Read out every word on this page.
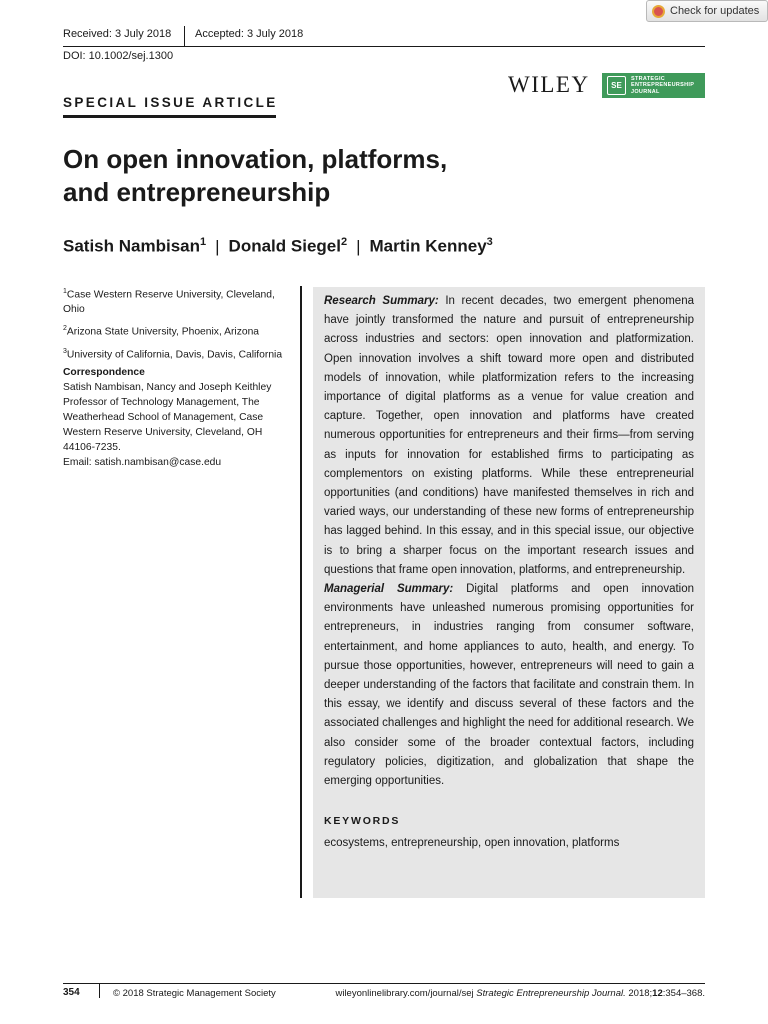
Received: 3 July 2018 Accepted: 3 July 2018
DOI: 10.1002/sej.1300
Check for updates
WILEY	SE
STRATEGIC
ENTREPRENEURSHIP
JOURNAL
SPECIAL ISSUE ARTICLE
On open innovation, platforms,
and entrepreneurship
Satish Nambisan$^1$ | Donald Siegel$^2$ | Martin Kenney$^3$
$^1$Case Western Reserve University, Cleveland, Ohio
$^2$Arizona State University, Phoenix, Arizona
$^3$University of California, Davis, Davis, California
Correspondence
Satish Nambisan, Nancy and Joseph Keithley Professor of Technology Management, The Weatherhead School of Management, Case Western Reserve University, Cleveland, OH 44106-7235.
Email: satish.nambisan@case.edu

Research Summary: In recent decades, two emergent phenomena have jointly transformed the nature and pursuit of entrepreneurship across industries and sectors: open innovation and platformization. Open innovation involves a shift toward more open and distributed models of innovation, while platformization refers to the increasing importance of digital platforms as a venue for value creation and capture. Together, open innovation and platforms have created numerous opportunities for entrepreneurs and their firms—from serving as inputs for innovation for established firms to participating as complementors on existing platforms. While these entrepreneurial opportunities (and conditions) have manifested themselves in rich and varied ways, our understanding of these new forms of entrepreneurship has lagged behind. In this essay, and in this special issue, our objective is to bring a sharper focus on the important research issues and questions that frame open innovation, platforms, and entrepreneurship.

Managerial Summary: Digital platforms and open innovation environments have unleashed numerous promising opportunities for entrepreneurs, in industries ranging from consumer software, entertainment, and home appliances to auto, health, and energy. To pursue those opportunities, however, entrepreneurs will need to gain a deeper understanding of the factors that facilitate and constrain them. In this essay, we identify and discuss several of these factors and the associated challenges and highlight the need for additional research. We also consider some of the broader contextual factors, including regulatory policies, digitization, and globalization that shape the emerging opportunities.

KEYWORDS
ecosystems, entrepreneurship, open innovation, platforms
354	© 2018 Strategic Management Society	wileyonlinelibrary.com/journal/sej Strategic Entrepreneurship Journal. 2018;12:354–368.
